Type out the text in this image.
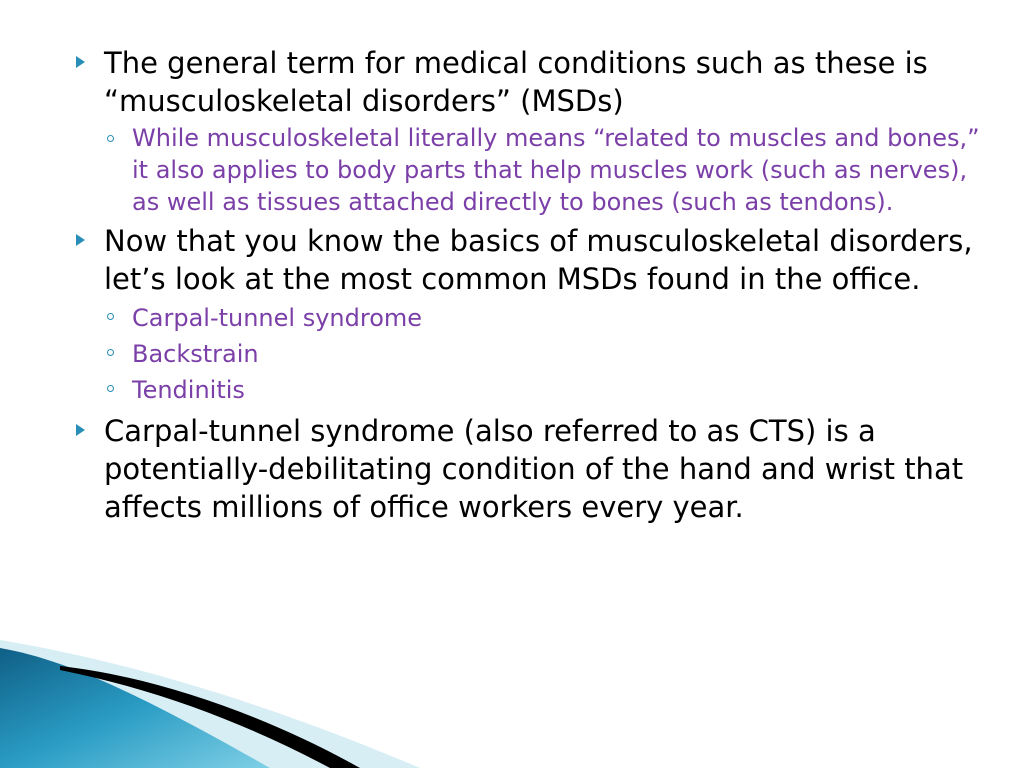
The general term for medical conditions such as these is “musculoskeletal disorders” (MSDs)
While musculoskeletal literally means “related to muscles and bones,” it also applies to body parts that help muscles work (such as nerves), as well as tissues attached directly to bones (such as tendons).
Now that you know the basics of musculoskeletal disorders, let’s look at the most common MSDs found in the office.
Carpal-tunnel syndrome
Backstrain
Tendinitis
Carpal-tunnel syndrome (also referred to as CTS) is a potentially-debilitating condition of the hand and wrist that affects millions of office workers every year.
